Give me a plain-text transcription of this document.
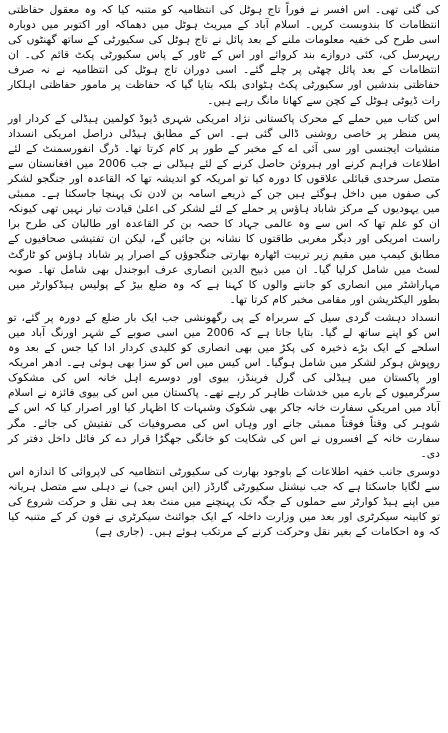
کی گئی تھی۔ اس افسر نے فوراً تاج ہوٹل کی انتظامیہ کو متنبہ کیا کہ وہ معقول حفاظتی انتظامات کا بندوبست کریں۔ اسلام آباد کے میریٹ ہوٹل میں دھماکہ اور اکتوبر میں دوبارہ اسی طرح کی خفیہ معلومات ملنے کے بعد پائل نے تاج ہوٹل کی سکیورٹی کے ساتھ گھنٹوں کی ریہرسل کی، کئی دروازے بند کروائے اور اس کے ٹاور کے پاس سکیورٹی پکٹ قائم کی۔ ان انتظامات کے بعد پائل چھٹی پر چلے گئے۔ اسی دوران تاج ہوٹل کی انتظامیہ نے نہ صرف حفاظتی بندشیں اور سکیورٹی پکٹ ہٹوادی بلکہ بتایا گیا کہ حفاظت پر مامور حفاظتی اہلکار رات ڈیوٹی ہوٹل کے کچن سے کھانا مانگ رہے ہیں۔

اس کتاب میں حملے کے محرک پاکستانی نژاد امریکی شہری ڈیوڈ کولمین ہیڈلی کے کردار اور پس منظر پر خاصی روشنی ڈالی گئی ہے۔ اس کے مطابق ہیڈلی دراصل امریکی انسداد منشیات ایجنسی اور سی آئی اے کے مخبر کے طور پر کام کرتا تھا۔ ڈرگ انفورسمنٹ کے لئے اطلاعات فراہم کرنے اور ہیروئن حاصل کرنے کے لئے ہیڈلی نے جب 2006 میں افغانستان سے متصل سرحدی قبائلی علاقوں کا دورہ کیا تو امریکہ کو اندیشہ تھا کہ القاعدہ اور جنگجو لشکر کی صفوں میں داخل ہوگئے ہیں جن کے ذریعے اسامہ بن لادن تک پہنچا جاسکتا ہے۔ ممبئی میں یہودیوں کے مرکز شاباد ہاؤس پر حملے کے لئے لشکر کی اعلیٰ قیادت تیار نہیں تھی کیونکہ ان کو علم تھا کہ اس سے وہ عالمی جہاد کا حصہ بن کر القاعدہ اور طالبان کی طرح برا راست امریکی اور دیگر مغربی طاقتوں کا نشانہ بن جائیں گے، لیکن ان تفتیشی صحافیوں کے مطابق کیمپ میں مقیم زیر تربیت اٹھارہ بھارتی جنگجوؤں کے اصرار پر شاباد ہاؤس کو ٹارگٹ لسٹ میں شامل کرلیا گیا۔ ان میں ذبیح الدین انصاری عرف ابوجندل بھی شامل تھا۔ صوبہ مہاراشٹر میں انصاری کو جاننے والوں کا کہنا ہے کہ وہ ضلع بیڑ کے پولیس ہیڈکوارٹر میں بطور الیکٹریشن اور مقامی مخبر کام کرتا تھا۔

انسداد دہشت گردی سیل کے سربراہ کے پی رگھونشی جب ایک بار ضلع کے دورہ پر گئے، تو اس کو اپنے ساتھ لے گیا۔ بتایا جاتا ہے کہ 2006 میں اسی صوبے کے شہر اورنگ آباد میں اسلحے کے ایک بڑے ذخیرہ کی پکڑ میں بھی انصاری کو کلیدی کردار ادا کیا جس کے بعد وہ روپوش ہوکر لشکر میں شامل ہوگیا۔ اس کیس میں اس کو سزا بھی ہوئی ہے۔ ادھر امریکہ اور پاکستان میں ہیڈلی کی گرل فرینڈز، بیوی اور دوسرے اہل خانہ اس کی مشکوک سرگرمیوں کے بارے میں خدشات ظاہر کر رہے تھے۔ پاکستان میں اس کی بیوی فائزہ نے اسلام آباد میں امریکی سفارت خانہ جاکر بھی شکوک وشبہات کا اظہار کیا اور اصرار کیا کہ اس کے شوہر کی وقتاً فوقتاً ممبئی جانے اور وہاں اس کی مصروفیات کی تفتیش کی جائے۔ مگر سفارت خانہ کے افسروں نے اس کی شکایت کو خانگی جھگڑا قرار دے کر فائل داخل دفتر کر دی۔

دوسری جانب خفیہ اطلاعات کے باوجود بھارت کی سکیورٹی انتظامیہ کی لاپروائی کا اندازہ اس سے لگایا جاسکتا ہے کہ جب نیشنل سکیورٹی گارڈز (این ایس جی) نے دہلی سے متصل ہریانہ میں اپنے ہیڈ کوارٹر سے حملوں کے جگہ تک پہنچنے میں منٹ بعد ہی نقل و حرکت شروع کی تو کابینہ سیکرٹری اور بعد میں وزارت داخلہ کے ایک جوائنٹ سیکرٹری نے فون کر کے متنبہ کیا کہ وہ احکامات کے بغیر نقل وحرکت کرنے کے مرتکب ہوئے ہیں۔ (جاری ہے)
